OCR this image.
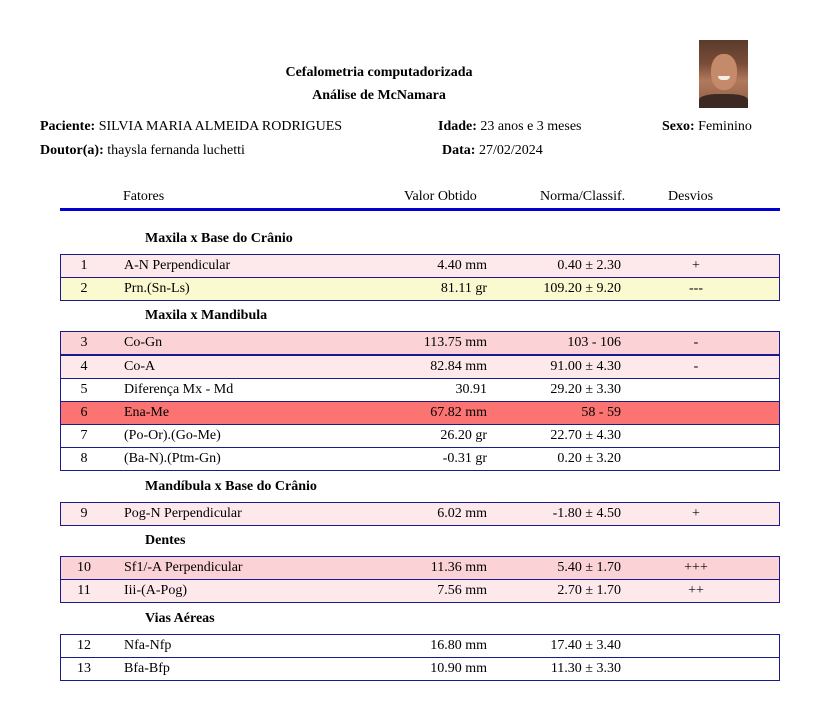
Cefalometria computadorizada
Análise de McNamara
Paciente: SILVIA MARIA ALMEIDA RODRIGUES	Idade: 23 anos e 3 meses	Sexo: Feminino
Doutor(a): thaysla fernanda luchetti	Data: 27/02/2024
Fatores	Valor Obtido	Norma/Classif.	Desvios
Maxila x Base do Crânio
Maxila x Mandibula
Mandíbula x Base do Crânio
Dentes
Vias Aéreas
1	A-N Perpendicular	4.40 mm	0.40 ± 2.30	+
2	Prn.(Sn-Ls)	81.11 gr	109.20 ± 9.20	---
3	Co-Gn	113.75 mm	103 - 106	-
4	Co-A	82.84 mm	91.00 ± 4.30	-
5	Diferença Mx - Md	30.91	29.20 ± 3.30
6	Ena-Me	67.82 mm	58 - 59
7	(Po-Or).(Go-Me)	26.20 gr	22.70 ± 4.30
8	(Ba-N).(Ptm-Gn)	-0.31 gr	0.20 ± 3.20
9	Pog-N Perpendicular	6.02 mm	-1.80 ± 4.50	+
10	Sf1/-A Perpendicular	11.36 mm	5.40 ± 1.70	+++
11	Iii-(A-Pog)	7.56 mm	2.70 ± 1.70	++
12	Nfa-Nfp	16.80 mm	17.40 ± 3.40
13	Bfa-Bfp	10.90 mm	11.30 ± 3.30
